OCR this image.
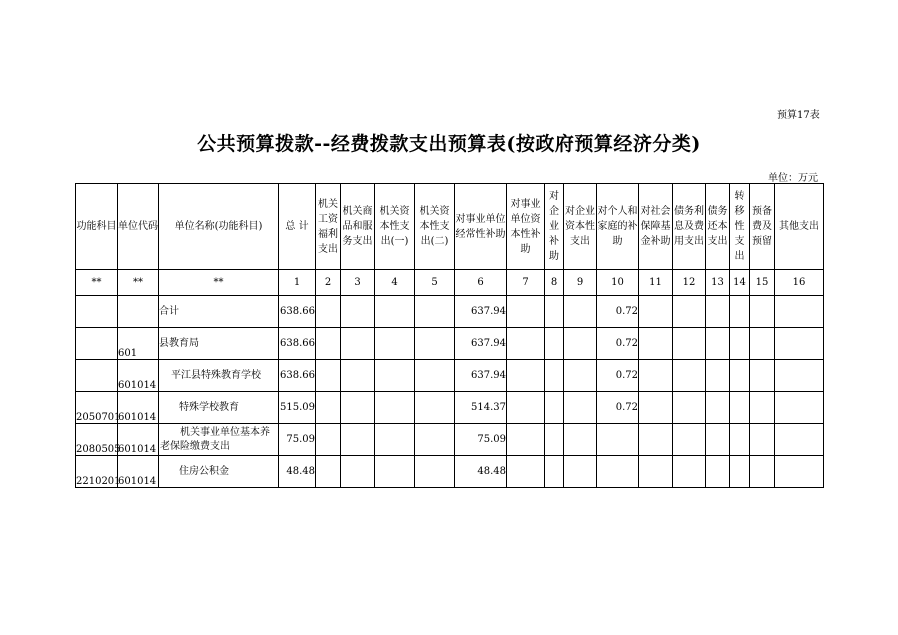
预算17表
公共预算拨款--经费拨款支出预算表(按政府预算经济分类)
单位：万元
功能科目	单位代码	单位名称(功能科目)	总 计	机关工资福利支出	机关商品和服务支出	机关资本性支出(一)	机关资本性支出(二)	对事业单位经常性补助	对事业单位资本性补助	对企业补助	对企业资本性支出	对个人和家庭的补助	对社会保障基金补助	债务利息及费用支出	债务还本支出	转移性支出	预备费及预留	其他支出
**	**	**	1	2	3	4	5	6	7	8	9	10	11	12	13	14	15	16
		合计	638.66					637.94				0.72						
	601	县教育局	638.66					637.94				0.72						
	601014	平江县特殊教育学校	638.66					637.94				0.72						
2050701	601014	特殊学校教育	515.09					514.37				0.72						
2080505	601014	机关事业单位基本养老保险缴费支出	75.09					75.09										
2210201	601014	住房公积金	48.48					48.48										
